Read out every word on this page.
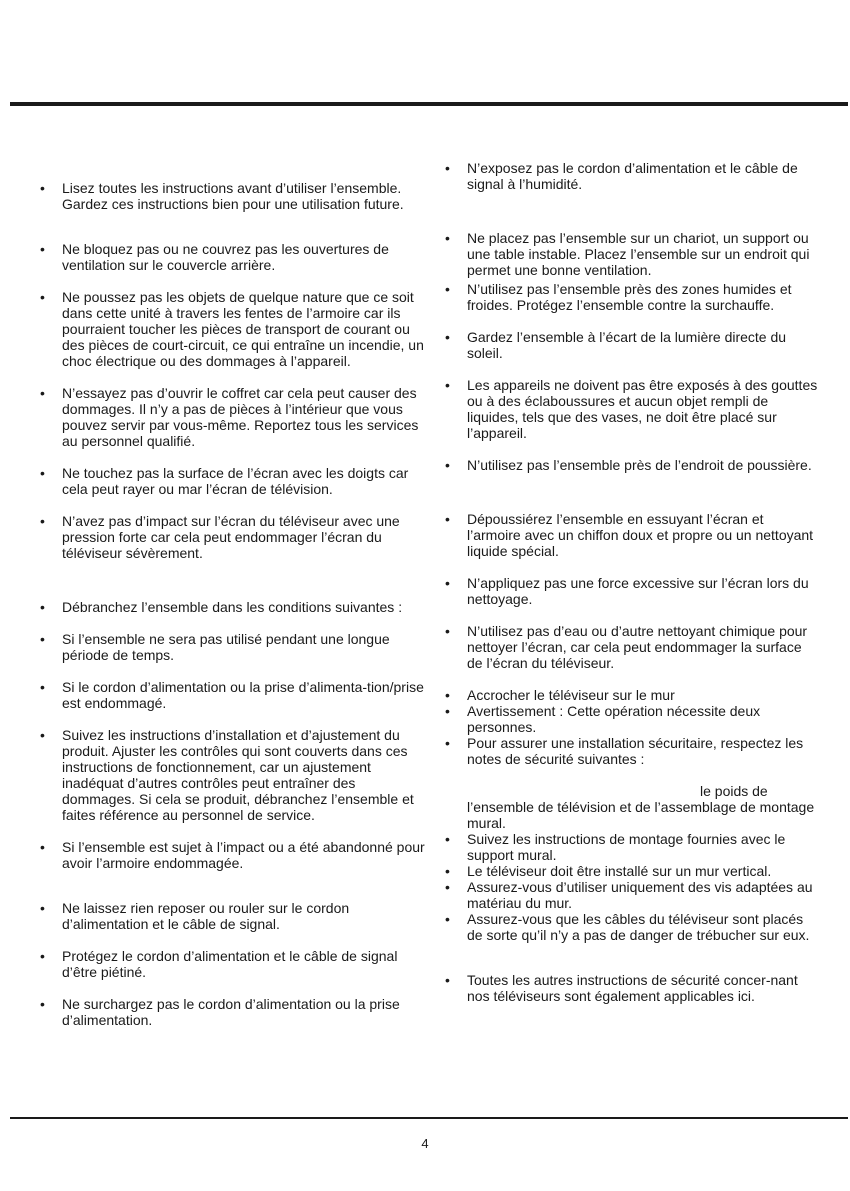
• Lisez toutes les instructions avant d’utiliser l’ensemble. Gardez ces instructions bien pour une utilisation future.
• Ne bloquez pas ou ne couvrez pas les ouvertures de ventilation sur le couvercle arrière.
• Ne poussez pas les objets de quelque nature que ce soit dans cette unité à travers les fentes de l’armoire car ils pourraient toucher les pièces de transport de courant ou des pièces de court-circuit, ce qui entraîne un incendie, un choc électrique ou des dommages à l’appareil.
• N’essayez pas d’ouvrir le coffret car cela peut causer des dommages. Il n’y a pas de pièces à l’intérieur que vous pouvez servir par vous-même. Reportez tous les services au personnel qualifié.
• Ne touchez pas la surface de l’écran avec les doigts car cela peut rayer ou mar l’écran de télévision.
• N’avez pas d’impact sur l’écran du téléviseur avec une pression forte car cela peut endommager l’écran du téléviseur sévèrement.
• Débranchez l’ensemble dans les conditions suivantes :
• Si l’ensemble ne sera pas utilisé pendant une longue période de temps.
• Si le cordon d’alimentation ou la prise d’alimenta-tion/prise est endommagé.
• Suivez les instructions d’installation et d’ajustement du produit. Ajuster les contrôles qui sont couverts dans ces instructions de fonctionnement, car un ajustement inadéquat d’autres contrôles peut entraîner des dommages. Si cela se produit, débranchez l’ensemble et faites référence au personnel de service.
• Si l’ensemble est sujet à l’impact ou a été abandonné pour avoir l’armoire endommagée.
• Ne laissez rien reposer ou rouler sur le cordon d’alimentation et le câble de signal.
• Protégez le cordon d’alimentation et le câble de signal d’être piétiné.
• Ne surchargez pas le cordon d’alimentation ou la prise d’alimentation.
• N’exposez pas le cordon d’alimentation et le câble de signal à l’humidité.
• Ne placez pas l’ensemble sur un chariot, un support ou une table instable. Placez l’ensemble sur un endroit qui permet une bonne ventilation.
• N’utilisez pas l’ensemble près des zones humides et froides. Protégez l’ensemble contre la surchauffe.
• Gardez l’ensemble à l’écart de la lumière directe du soleil.
• Les appareils ne doivent pas être exposés à des gouttes ou à des éclaboussures et aucun objet rempli de liquides, tels que des vases, ne doit être placé sur l’appareil.
• N’utilisez pas l’ensemble près de l’endroit de poussière.
• Dépoussiérez l’ensemble en essuyant l’écran et l’armoire avec un chiffon doux et propre ou un nettoyant liquide spécial.
• N’appliquez pas une force excessive sur l’écran lors du nettoyage.
• N’utilisez pas d’eau ou d’autre nettoyant chimique pour nettoyer l’écran, car cela peut endommager la surface de l’écran du téléviseur.
• Accrocher le téléviseur sur le mur
• Avertissement : Cette opération nécessite deux personnes.
• Pour assurer une installation sécuritaire, respectez les notes de sécurité suivantes :
le poids de l’ensemble de télévision et de l’assemblage de montage mural.
• Suivez les instructions de montage fournies avec le support mural.
• Le téléviseur doit être installé sur un mur vertical.
• Assurez-vous d’utiliser uniquement des vis adaptées au matériau du mur.
• Assurez-vous que les câbles du téléviseur sont placés de sorte qu’il n’y a pas de danger de trébucher sur eux.
• Toutes les autres instructions de sécurité concer-nant nos téléviseurs sont également applicables ici.
4
